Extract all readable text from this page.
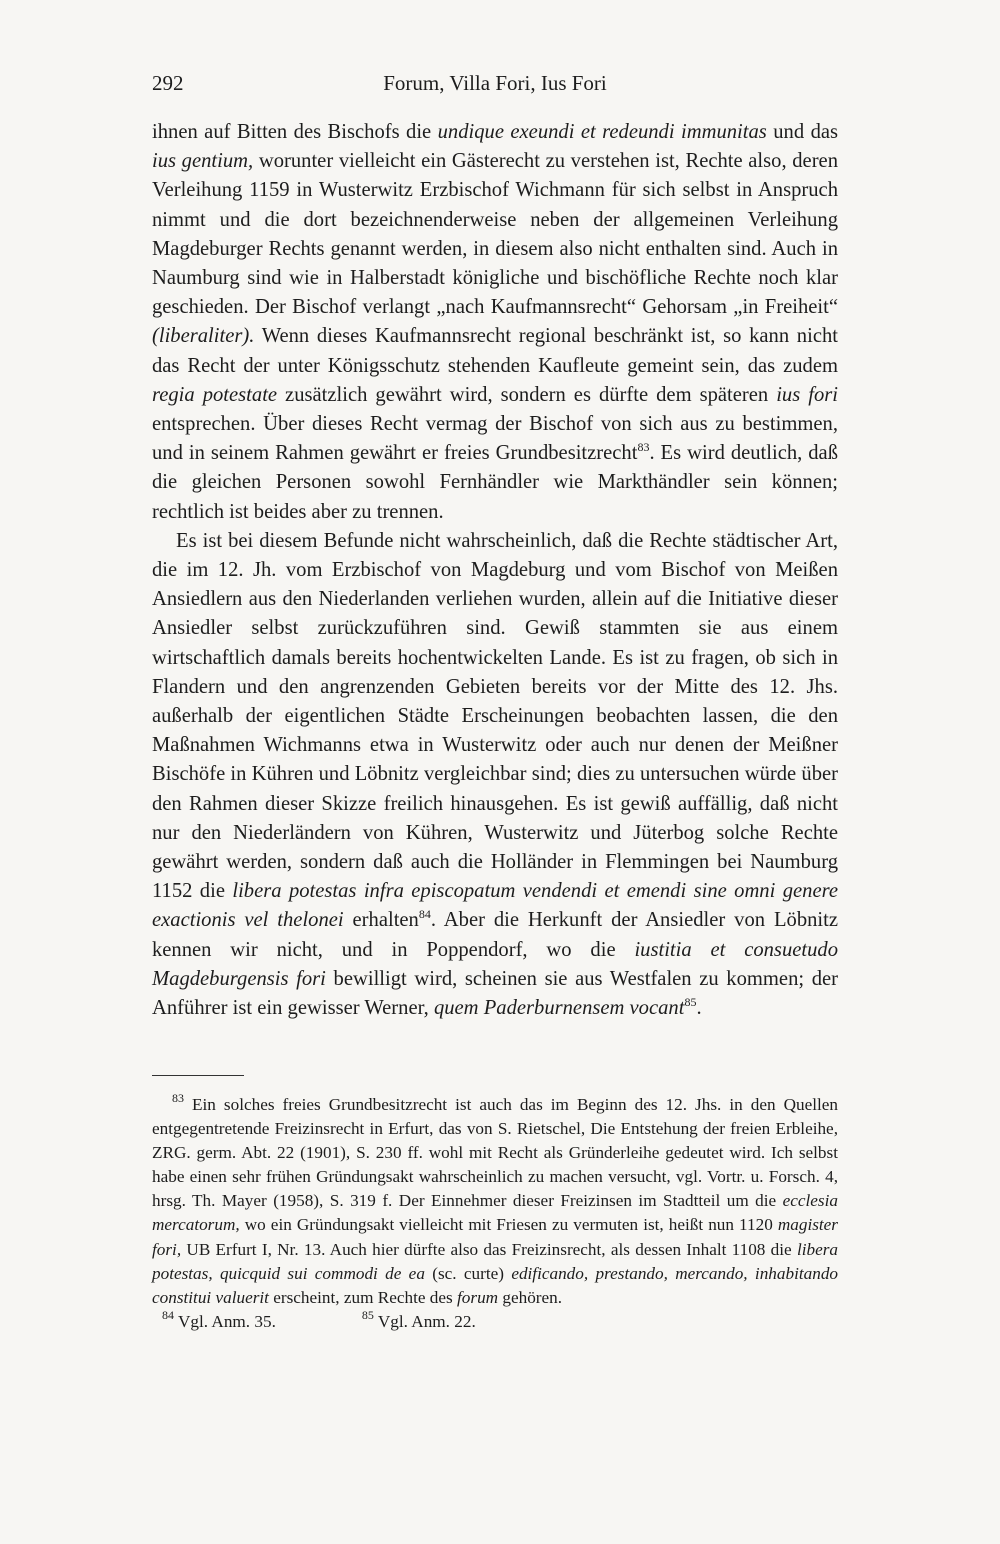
292	Forum, Villa Fori, Ius Fori

ihnen auf Bitten des Bischofs die undique exeundi et redeundi immunitas und das ius gentium, worunter vielleicht ein Gästerecht zu verstehen ist, Rechte also, deren Verleihung 1159 in Wusterwitz Erzbischof Wichmann für sich selbst in Anspruch nimmt und die dort bezeichnenderweise neben der allgemeinen Verleihung Magdeburger Rechts genannt werden, in diesem also nicht enthalten sind. Auch in Naumburg sind wie in Halberstadt königliche und bischöfliche Rechte noch klar geschieden. Der Bischof verlangt „nach Kaufmannsrecht“ Gehorsam „in Freiheit“ (liberaliter). Wenn dieses Kaufmannsrecht regional beschränkt ist, so kann nicht das Recht der unter Königsschutz stehenden Kaufleute gemeint sein, das zudem regia potestate zusätzlich gewährt wird, sondern es dürfte dem späteren ius fori entsprechen. Über dieses Recht vermag der Bischof von sich aus zu bestimmen, und in seinem Rahmen gewährt er freies Grundbesitzrecht$^{83}$. Es wird deutlich, daß die gleichen Personen sowohl Fernhändler wie Markthändler sein können; rechtlich ist beides aber zu trennen.

Es ist bei diesem Befunde nicht wahrscheinlich, daß die Rechte städtischer Art, die im 12. Jh. vom Erzbischof von Magdeburg und vom Bischof von Meißen Ansiedlern aus den Niederlanden verliehen wurden, allein auf die Initiative dieser Ansiedler selbst zurückzuführen sind. Gewiß stammten sie aus einem wirtschaftlich damals bereits hochentwickelten Lande. Es ist zu fragen, ob sich in Flandern und den angrenzenden Gebieten bereits vor der Mitte des 12. Jhs. außerhalb der eigentlichen Städte Erscheinungen beobachten lassen, die den Maßnahmen Wichmanns etwa in Wusterwitz oder auch nur denen der Meißner Bischöfe in Kühren und Löbnitz vergleichbar sind; dies zu untersuchen würde über den Rahmen dieser Skizze freilich hinausgehen. Es ist gewiß auffällig, daß nicht nur den Niederländern von Kühren, Wusterwitz und Jüterbog solche Rechte gewährt werden, sondern daß auch die Holländer in Flemmingen bei Naumburg 1152 die libera potestas infra episcopatum vendendi et emendi sine omni genere exactionis vel thelonei erhalten$^{84}$. Aber die Herkunft der Ansiedler von Löbnitz kennen wir nicht, und in Poppendorf, wo die iustitia et consuetudo Magdeburgensis fori bewilligt wird, scheinen sie aus Westfalen zu kommen; der Anführer ist ein gewisser Werner, quem Paderburnensem vocant$^{85}$.

$^{83}$ Ein solches freies Grundbesitzrecht ist auch das im Beginn des 12. Jhs. in den Quellen entgegentretende Freizinsrecht in Erfurt, das von S. Rietschel, Die Entstehung der freien Erbleihe, ZRG. germ. Abt. 22 (1901), S. 230 ff. wohl mit Recht als Gründerleihe gedeutet wird. Ich selbst habe einen sehr frühen Gründungsakt wahrscheinlich zu machen versucht, vgl. Vortr. u. Forsch. 4, hrsg. Th. Mayer (1958), S. 319 f. Der Einnehmer dieser Freizinsen im Stadtteil um die ecclesia mercatorum, wo ein Gründungsakt vielleicht mit Friesen zu vermuten ist, heißt nun 1120 magister fori, UB Erfurt I, Nr. 13. Auch hier dürfte also das Freizinsrecht, als dessen Inhalt 1108 die libera potestas, quicquid sui commodi de ea (sc. curte) edificando, prestando, mercando, inhabitando constitui valuerit erscheint, zum Rechte des forum gehören.

$^{84}$ Vgl. Anm. 35.	$^{85}$ Vgl. Anm. 22.
